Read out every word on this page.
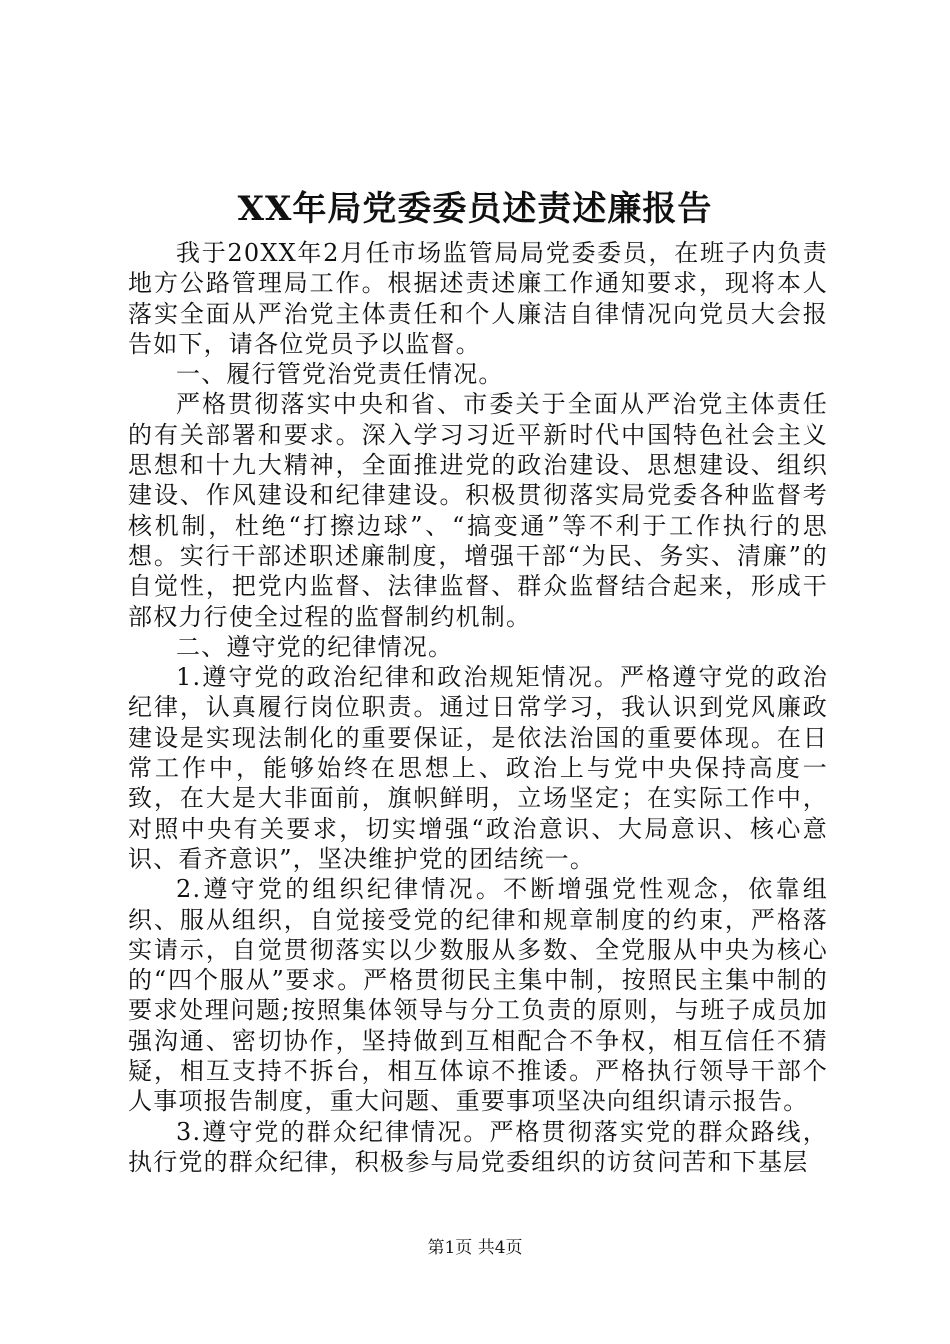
XX年局党委委员述责述廉报告

我于20XX年2月任市场监管局局党委委员，在班子内负责地方公路管理局工作。根据述责述廉工作通知要求，现将本人落实全面从严治党主体责任和个人廉洁自律情况向党员大会报告如下，请各位党员予以监督。

一、履行管党治党责任情况。

严格贯彻落实中央和省、市委关于全面从严治党主体责任的有关部署和要求。深入学习习近平新时代中国特色社会主义思想和十九大精神，全面推进党的政治建设、思想建设、组织建设、作风建设和纪律建设。积极贯彻落实局党委各种监督考核机制，杜绝“打擦边球”、“搞变通”等不利于工作执行的思想。实行干部述职述廉制度，增强干部“为民、务实、清廉”的自觉性，把党内监督、法律监督、群众监督结合起来，形成干部权力行使全过程的监督制约机制。

二、遵守党的纪律情况。

1.遵守党的政治纪律和政治规矩情况。严格遵守党的政治纪律，认真履行岗位职责。通过日常学习，我认识到党风廉政建设是实现法制化的重要保证，是依法治国的重要体现。在日常工作中，能够始终在思想上、政治上与党中央保持高度一致，在大是大非面前，旗帜鲜明，立场坚定；在实际工作中，对照中央有关要求，切实增强“政治意识、大局意识、核心意识、看齐意识”，坚决维护党的团结统一。

2.遵守党的组织纪律情况。不断增强党性观念，依靠组织、服从组织，自觉接受党的纪律和规章制度的约束，严格落实请示，自觉贯彻落实以少数服从多数、全党服从中央为核心的“四个服从”要求。严格贯彻民主集中制，按照民主集中制的要求处理问题;按照集体领导与分工负责的原则，与班子成员加强沟通、密切协作，坚持做到互相配合不争权，相互信任不猜疑，相互支持不拆台，相互体谅不推诿。严格执行领导干部个人事项报告制度，重大问题、重要事项坚决向组织请示报告。

3.遵守党的群众纪律情况。严格贯彻落实党的群众路线，执行党的群众纪律，积极参与局党委组织的访贫问苦和下基层

第1页 共4页
